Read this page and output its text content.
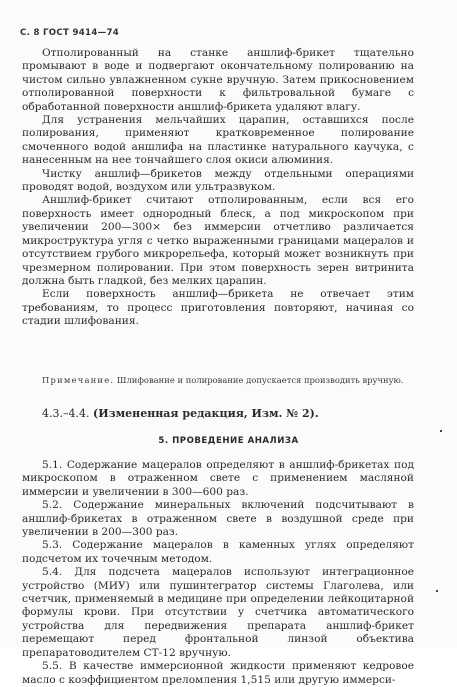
С. 8 ГОСТ 9414—74

Отполированный на станке аншлиф-брикет тщательно промывают в воде и подвергают окончательному полированию на чистом сильно увлажненном сукне вручную. Затем прикосновением отполированной поверхности к фильтровальной бумаге с обработанной поверхности аншлиф-брикета удаляют влагу.

Для устранения мельчайших царапин, оставшихся после полирования, применяют кратковременное полирование смоченного водой аншлифа на пластинке натурального каучука, с нанесенным на нее тончайшего слоя окиси алюминия.

Чистку аншлиф—брикетов между отдельными операциями проводят водой, воздухом или ультразвуком.

Аншлиф-брикет считают отполированным, если вся его поверхность имеет однородный блеск, а под микроскопом при увеличении 200—300× без иммерсии отчетливо различается микроструктура угля с четко выраженными границами мацералов и отсутствием грубого микрорельефа, который может возникнуть при чрезмерном полировании. При этом поверхность зерен витринита должна быть гладкой, без мелких царапин.

Если поверхность аншлиф—брикета не отвечает этим требованиям, то процесс приготовления повторяют, начиная со стадии шлифования.

Примечание. Шлифование и полирование допускается производить вручную.

4.3.–4.4. (Измененная редакция, Изм. № 2).
5. ПРОВЕДЕНИЕ АНАЛИЗА

5.1. Содержание мацералов определяют в аншлиф-брикетах под микроскопом в отраженном свете с применением масляной иммерсии и увеличении в 300—600 раз.

5.2. Содержание минеральных включений подсчитывают в аншлиф-брикетах в отраженном свете в воздушной среде при увеличении в 200—300 раз.

5.3. Содержание мацералов в каменных углях определяют подсчетом их точечным методом.

5.4. Для подсчета мацералов используют интеграционное устройство (МИУ) или пушинтегратор системы Глаголева, или счетчик, применяемый в медицине при определении лейкоцитарной формулы крови. При отсутствии у счетчика автоматического устройства для передвижения препарата аншлиф-брикет перемещают перед фронтальной линзой объектива препаратоводителем СТ-12 вручную.

5.5. В качестве иммерсионной жидкости применяют кедровое масло с коэффициентом преломления 1,515 или другую иммерси-
